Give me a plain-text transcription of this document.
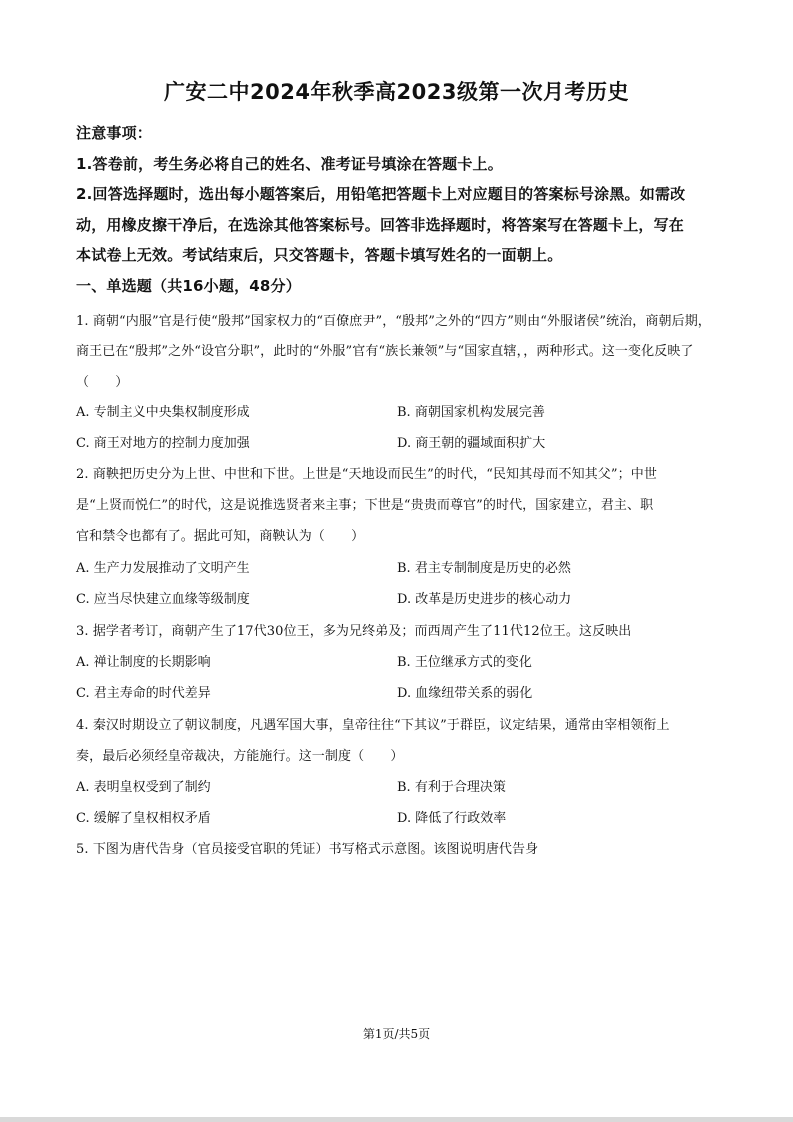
广安二中2024年秋季高2023级第一次月考历史
注意事项：
1.答卷前，考生务必将自己的姓名、准考证号填涂在答题卡上。
2.回答选择题时，选出每小题答案后，用铅笔把答题卡上对应题目的答案标号涂黑。如需改
动，用橡皮擦干净后，在选涂其他答案标号。回答非选择题时，将答案写在答题卡上，写在
本试卷上无效。考试结束后，只交答题卡，答题卡填写姓名的一面朝上。
一、单选题（共16小题，48分）
1. 商朝“内服”官是行使“殷邦”国家权力的“百僚庶尹”，“殷邦”之外的“四方”则由“外服诸侯”统治，商朝后期，
商王已在“殷邦”之外“设官分职”，此时的“外服”官有“族长兼领”与“国家直辖，，两种形式。这一变化反映了
（　　）
A. 专制主义中央集权制度形成	B. 商朝国家机构发展完善
C. 商王对地方的控制力度加强	D. 商王朝的疆域面积扩大
2. 商鞅把历史分为上世、中世和下世。上世是“天地设而民生”的时代，“民知其母而不知其父”；中世
是“上贤而悦仁”的时代，这是说推选贤者来主事；下世是“贵贵而尊官”的时代，国家建立，君主、职
官和禁令也都有了。据此可知，商鞅认为（　　）
A. 生产力发展推动了文明产生	B. 君主专制制度是历史的必然
C. 应当尽快建立血缘等级制度	D. 改革是历史进步的核心动力
3. 据学者考订，商朝产生了17代30位王，多为兄终弟及；而西周产生了11代12位王。这反映出
A. 禅让制度的长期影响	B. 王位继承方式的变化
C. 君主寿命的时代差异	D. 血缘纽带关系的弱化
4. 秦汉时期设立了朝议制度，凡遇军国大事，皇帝往往“下其议”于群臣，议定结果，通常由宰相领衔上
奏，最后必须经皇帝裁决，方能施行。这一制度（　　）
A. 表明皇权受到了制约	B. 有利于合理决策
C. 缓解了皇权相权矛盾	D. 降低了行政效率
5. 下图为唐代告身（官员接受官职的凭证）书写格式示意图。该图说明唐代告身
第1页/共5页
